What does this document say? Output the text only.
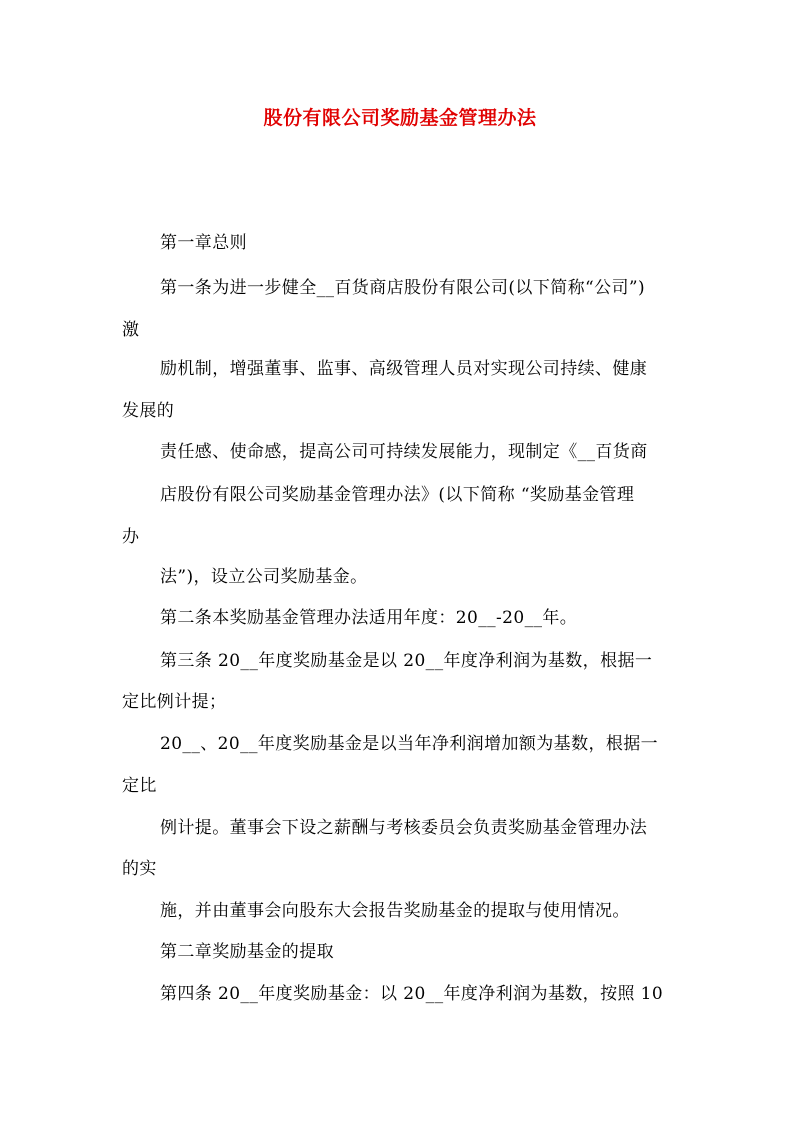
股份有限公司奖励基金管理办法
第一章总则
第一条为进一步健全__百货商店股份有限公司(以下简称“公司”)
激
励机制，增强董事、监事、高级管理人员对实现公司持续、健康
发展的
责任感、使命感，提高公司可持续发展能力，现制定《__百货商
店股份有限公司奖励基金管理办法》(以下简称 “奖励基金管理
办
法”)，设立公司奖励基金。
第二条本奖励基金管理办法适用年度：20__-20__年。
第三条 20__年度奖励基金是以 20__年度净利润为基数，根据一
定比例计提；
20__、20__年度奖励基金是以当年净利润增加额为基数，根据一
定比
例计提。董事会下设之薪酬与考核委员会负责奖励基金管理办法
的实
施，并由董事会向股东大会报告奖励基金的提取与使用情况。
第二章奖励基金的提取
第四条 20__年度奖励基金：以 20__年度净利润为基数，按照 10
